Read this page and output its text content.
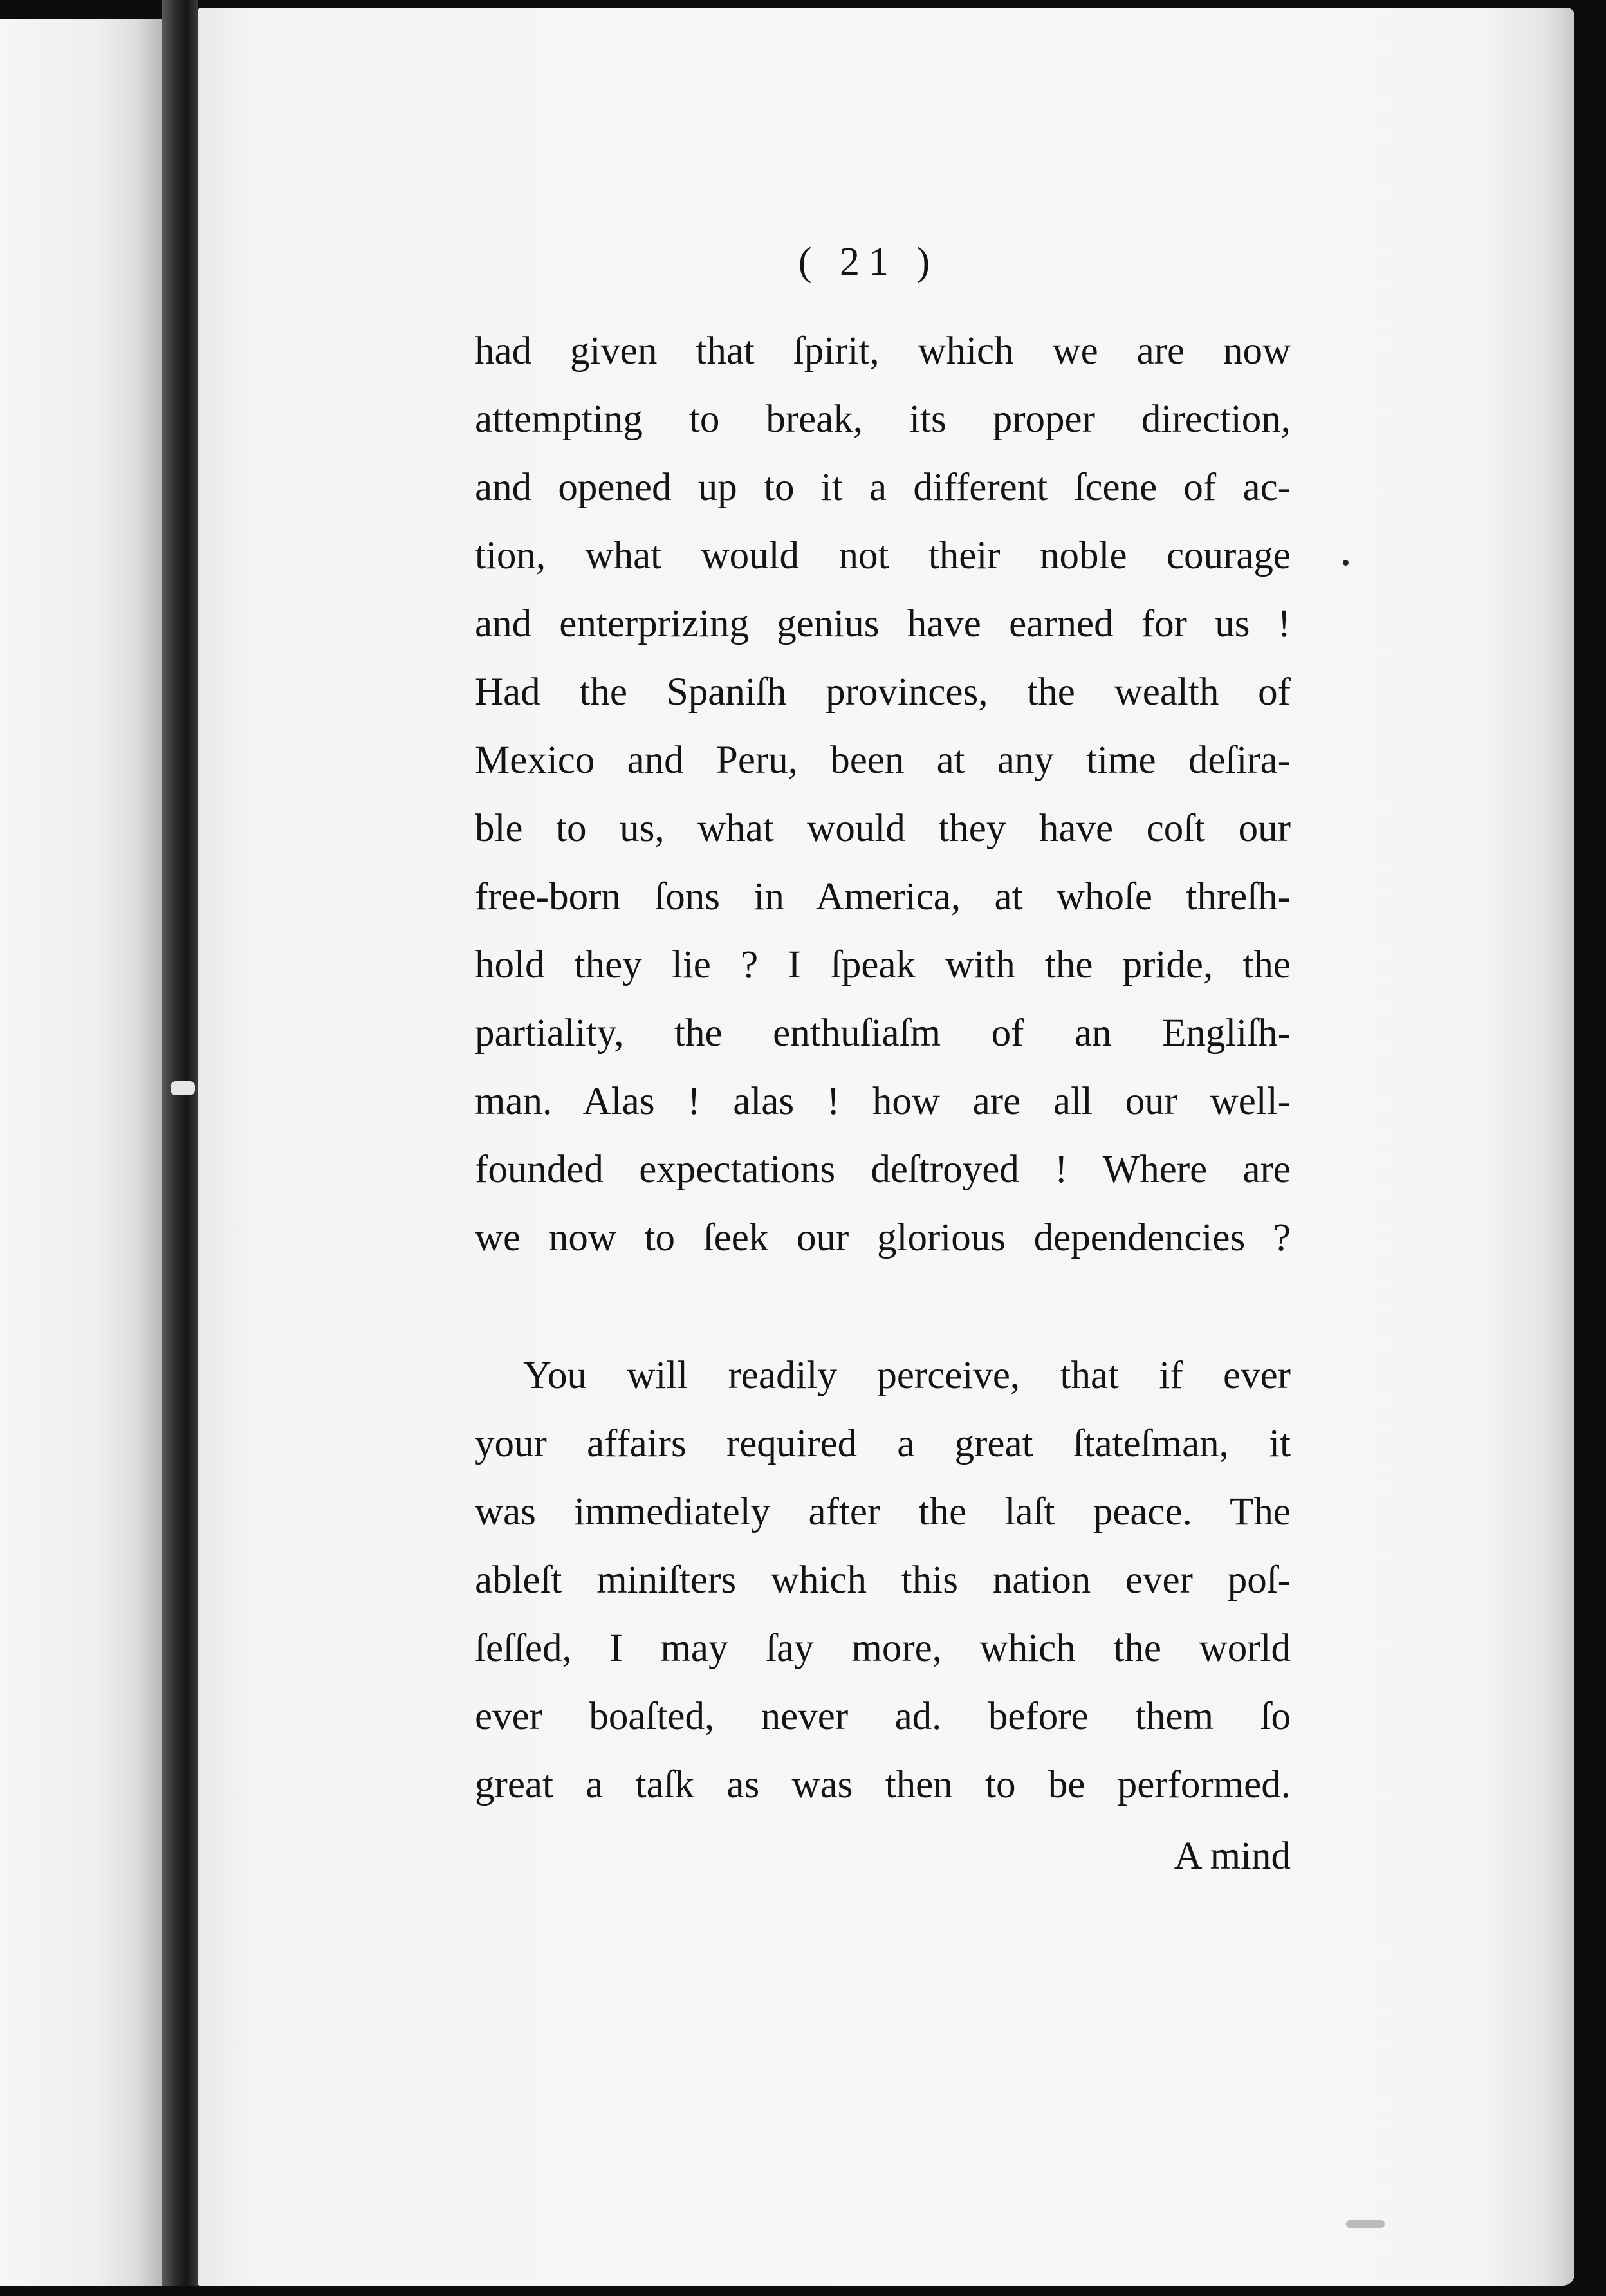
( 21 )
had given that ſpirit, which we are now
attempting to break, its proper direction,
and opened up to it a different ſcene of ac-
tion, what would not their noble courage
and enterprizing genius have earned for us !
Had the Spaniſh provinces, the wealth of
Mexico and Peru, been at any time deſira-
ble to us, what would they have coſt our
free-born ſons in America, at whoſe threſh-
hold they lie ? I ſpeak with the pride, the
partiality, the enthuſiaſm of an Engliſh-
man. Alas ! alas ! how are all our well-
founded expectations deſtroyed ! Where are
we now to ſeek our glorious dependencies ?
You will readily perceive, that if ever
your affairs required a great ſtateſman, it
was immediately after the laſt peace. The
ableſt miniſters which this nation ever poſ-
ſeſſed, I may ſay more, which the world
ever boaſted, never ad. before them ſo
great a taſk as was then to be performed.
A mind
